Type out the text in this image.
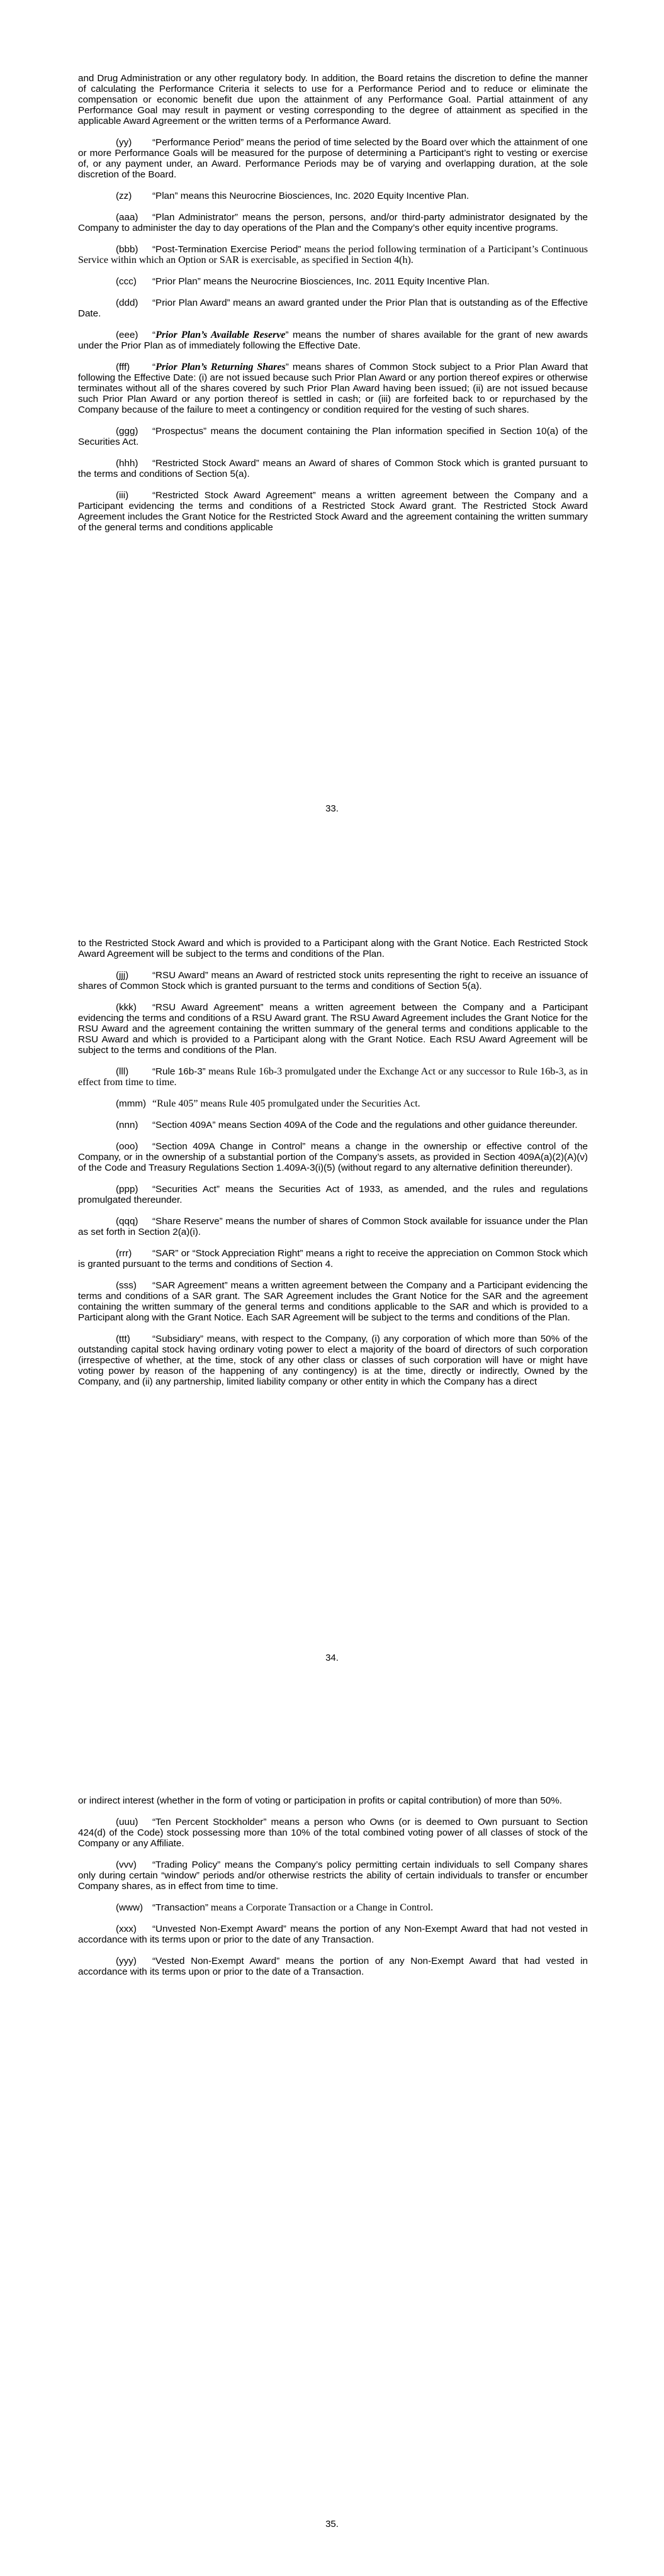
and Drug Administration or any other regulatory body. In addition, the Board retains the discretion to define the manner of calculating the Performance Criteria it selects to use for a Performance Period and to reduce or eliminate the compensation or economic benefit due upon the attainment of any Performance Goal. Partial attainment of any Performance Goal may result in payment or vesting corresponding to the degree of attainment as specified in the applicable Award Agreement or the written terms of a Performance Award.

(yy) “Performance Period” means the period of time selected by the Board over which the attainment of one or more Performance Goals will be measured for the purpose of determining a Participant’s right to vesting or exercise of, or any payment under, an Award. Performance Periods may be of varying and overlapping duration, at the sole discretion of the Board.

(zz) “Plan” means this Neurocrine Biosciences, Inc. 2020 Equity Incentive Plan.

(aaa) “Plan Administrator” means the person, persons, and/or third-party administrator designated by the Company to administer the day to day operations of the Plan and the Company’s other equity incentive programs.

(bbb) “Post-Termination Exercise Period” means the period following termination of a Participant’s Continuous Service within which an Option or SAR is exercisable, as specified in Section 4(h).

(ccc) “Prior Plan” means the Neurocrine Biosciences, Inc. 2011 Equity Incentive Plan.

(ddd) “Prior Plan Award” means an award granted under the Prior Plan that is outstanding as of the Effective Date.

(eee) “Prior Plan’s Available Reserve” means the number of shares available for the grant of new awards under the Prior Plan as of immediately following the Effective Date.

(fff) “Prior Plan’s Returning Shares” means shares of Common Stock subject to a Prior Plan Award that following the Effective Date: (i) are not issued because such Prior Plan Award or any portion thereof expires or otherwise terminates without all of the shares covered by such Prior Plan Award having been issued; (ii) are not issued because such Prior Plan Award or any portion thereof is settled in cash; or (iii) are forfeited back to or repurchased by the Company because of the failure to meet a contingency or condition required for the vesting of such shares.

(ggg) “Prospectus” means the document containing the Plan information specified in Section 10(a) of the Securities Act.

(hhh) “Restricted Stock Award” means an Award of shares of Common Stock which is granted pursuant to the terms and conditions of Section 5(a).

(iii) “Restricted Stock Award Agreement” means a written agreement between the Company and a Participant evidencing the terms and conditions of a Restricted Stock Award grant. The Restricted Stock Award Agreement includes the Grant Notice for the Restricted Stock Award and the agreement containing the written summary of the general terms and conditions applicable

33.

to the Restricted Stock Award and which is provided to a Participant along with the Grant Notice. Each Restricted Stock Award Agreement will be subject to the terms and conditions of the Plan.

(jjj) “RSU Award” means an Award of restricted stock units representing the right to receive an issuance of shares of Common Stock which is granted pursuant to the terms and conditions of Section 5(a).

(kkk) “RSU Award Agreement” means a written agreement between the Company and a Participant evidencing the terms and conditions of a RSU Award grant. The RSU Award Agreement includes the Grant Notice for the RSU Award and the agreement containing the written summary of the general terms and conditions applicable to the RSU Award and which is provided to a Participant along with the Grant Notice. Each RSU Award Agreement will be subject to the terms and conditions of the Plan.

(lll) “Rule 16b-3” means Rule 16b-3 promulgated under the Exchange Act or any successor to Rule 16b-3, as in effect from time to time.

(mmm) “Rule 405” means Rule 405 promulgated under the Securities Act.

(nnn) “Section 409A” means Section 409A of the Code and the regulations and other guidance thereunder.

(ooo) “Section 409A Change in Control” means a change in the ownership or effective control of the Company, or in the ownership of a substantial portion of the Company’s assets, as provided in Section 409A(a)(2)(A)(v) of the Code and Treasury Regulations Section 1.409A-3(i)(5) (without regard to any alternative definition thereunder).

(ppp) “Securities Act” means the Securities Act of 1933, as amended, and the rules and regulations promulgated thereunder.

(qqq) “Share Reserve” means the number of shares of Common Stock available for issuance under the Plan as set forth in Section 2(a)(i).

(rrr) “SAR” or “Stock Appreciation Right” means a right to receive the appreciation on Common Stock which is granted pursuant to the terms and conditions of Section 4.

(sss) “SAR Agreement” means a written agreement between the Company and a Participant evidencing the terms and conditions of a SAR grant. The SAR Agreement includes the Grant Notice for the SAR and the agreement containing the written summary of the general terms and conditions applicable to the SAR and which is provided to a Participant along with the Grant Notice. Each SAR Agreement will be subject to the terms and conditions of the Plan.

(ttt) “Subsidiary” means, with respect to the Company, (i) any corporation of which more than 50% of the outstanding capital stock having ordinary voting power to elect a majority of the board of directors of such corporation (irrespective of whether, at the time, stock of any other class or classes of such corporation will have or might have voting power by reason of the happening of any contingency) is at the time, directly or indirectly, Owned by the Company, and (ii) any partnership, limited liability company or other entity in which the Company has a direct

34.

or indirect interest (whether in the form of voting or participation in profits or capital contribution) of more than 50%.

(uuu) “Ten Percent Stockholder” means a person who Owns (or is deemed to Own pursuant to Section 424(d) of the Code) stock possessing more than 10% of the total combined voting power of all classes of stock of the Company or any Affiliate.

(vvv) “Trading Policy” means the Company’s policy permitting certain individuals to sell Company shares only during certain “window” periods and/or otherwise restricts the ability of certain individuals to transfer or encumber Company shares, as in effect from time to time.

(www) “Transaction” means a Corporate Transaction or a Change in Control.

(xxx) “Unvested Non-Exempt Award” means the portion of any Non-Exempt Award that had not vested in accordance with its terms upon or prior to the date of any Transaction.

(yyy) “Vested Non-Exempt Award” means the portion of any Non-Exempt Award that had vested in accordance with its terms upon or prior to the date of a Transaction.

35.
